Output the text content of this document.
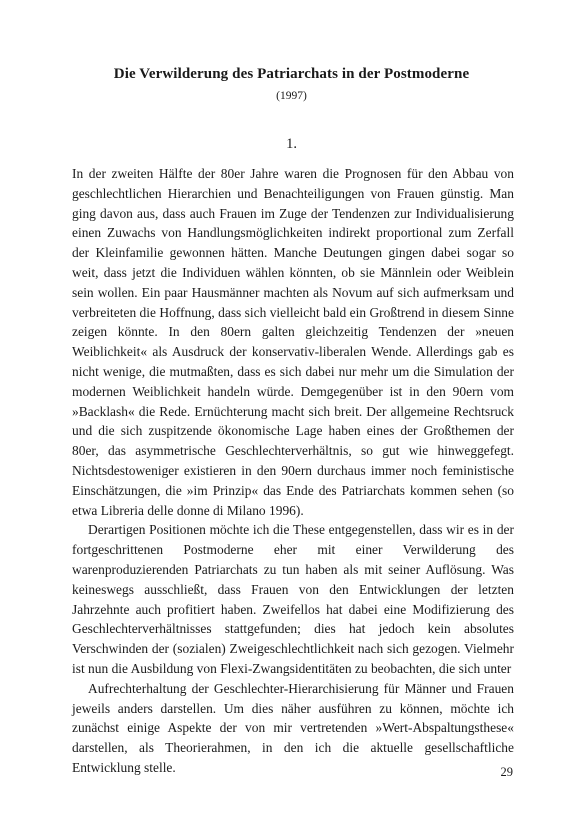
Die Verwilderung des Patriarchats in der Postmoderne
(1997)
1.

In der zweiten Hälfte der 80er Jahre waren die Prognosen für den Abbau von geschlechtlichen Hierarchien und Benachteiligungen von Frauen günstig. Man ging davon aus, dass auch Frauen im Zuge der Tendenzen zur Individualisierung einen Zuwachs von Handlungsmöglichkeiten indirekt proportional zum Zerfall der Kleinfamilie gewonnen hätten. Manche Deutungen gingen dabei sogar so weit, dass jetzt die Individuen wählen könnten, ob sie Männlein oder Weiblein sein wollen. Ein paar Hausmänner machten als Novum auf sich aufmerksam und verbreiteten die Hoffnung, dass sich vielleicht bald ein Großtrend in diesem Sinne zeigen könnte. In den 80ern galten gleichzeitig Tendenzen der »neuen Weiblichkeit« als Ausdruck der konservativ-liberalen Wende. Allerdings gab es nicht wenige, die mutmaßten, dass es sich dabei nur mehr um die Simulation der modernen Weiblichkeit handeln würde. Demgegenüber ist in den 90ern vom »Backlash« die Rede. Ernüchterung macht sich breit. Der allgemeine Rechtsruck und die sich zuspitzende ökonomische Lage haben eines der Großthemen der 80er, das asymmetrische Geschlechterverhältnis, so gut wie hinweggefegt. Nichtsdestoweniger existieren in den 90ern durchaus immer noch feministische Einschätzungen, die »im Prinzip« das Ende des Patriarchats kommen sehen (so etwa Libreria delle donne di Milano 1996).

Derartigen Positionen möchte ich die These entgegenstellen, dass wir es in der fortgeschrittenen Postmoderne eher mit einer Verwilderung des warenproduzierenden Patriarchats zu tun haben als mit seiner Auflösung. Was keineswegs ausschließt, dass Frauen von den Entwicklungen der letzten Jahrzehnte auch profitiert haben. Zweifellos hat dabei eine Modifizierung des Geschlechterverhältnisses stattgefunden; dies hat jedoch kein absolutes Verschwinden der (sozialen) Zweigeschlechtlichkeit nach sich gezogen. Vielmehr ist nun die Ausbildung von Flexi-Zwangsidentitäten zu beobachten, die sich unter

Aufrechterhaltung der Geschlechter-Hierarchisierung für Männer und Frauen jeweils anders darstellen. Um dies näher ausführen zu können, möchte ich zunächst einige Aspekte der von mir vertretenden »Wert-Abspaltungsthese« darstellen, als Theorierahmen, in den ich die aktuelle gesellschaftliche Entwicklung stelle.	29
